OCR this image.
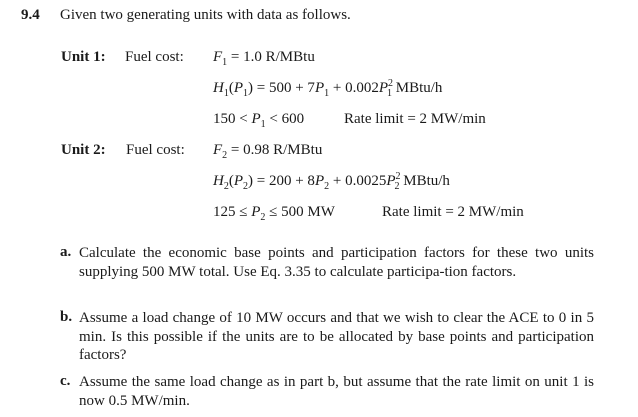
9.4 Given two generating units with data as follows.
Unit 1: Fuel cost: $F_1 = 1.0$ R/MBtu
$H_1(P_1) = 500 + 7P_1 + 0.002P^2_1$ MBtu/h
$150 < P_1 < 600$	Rate limit = 2 MW/min
Unit 2: Fuel cost: $F_2 = 0.98$ R/MBtu
$H_2(P_2) = 200 + 8P_2 + 0.0025P^2_2$ MBtu/h
$125 \le P_2 \le 500$ MW	Rate limit = 2 MW/min
a. Calculate the economic base points and participation factors for these two units supplying 500 MW total. Use Eq. 3.35 to calculate participa-tion factors.
b. Assume a load change of 10 MW occurs and that we wish to clear the ACE to 0 in 5 min. Is this possible if the units are to be allocated by base points and participation factors?
c. Assume the same load change as in part b, but assume that the rate limit on unit 1 is now 0.5 MW/min.
